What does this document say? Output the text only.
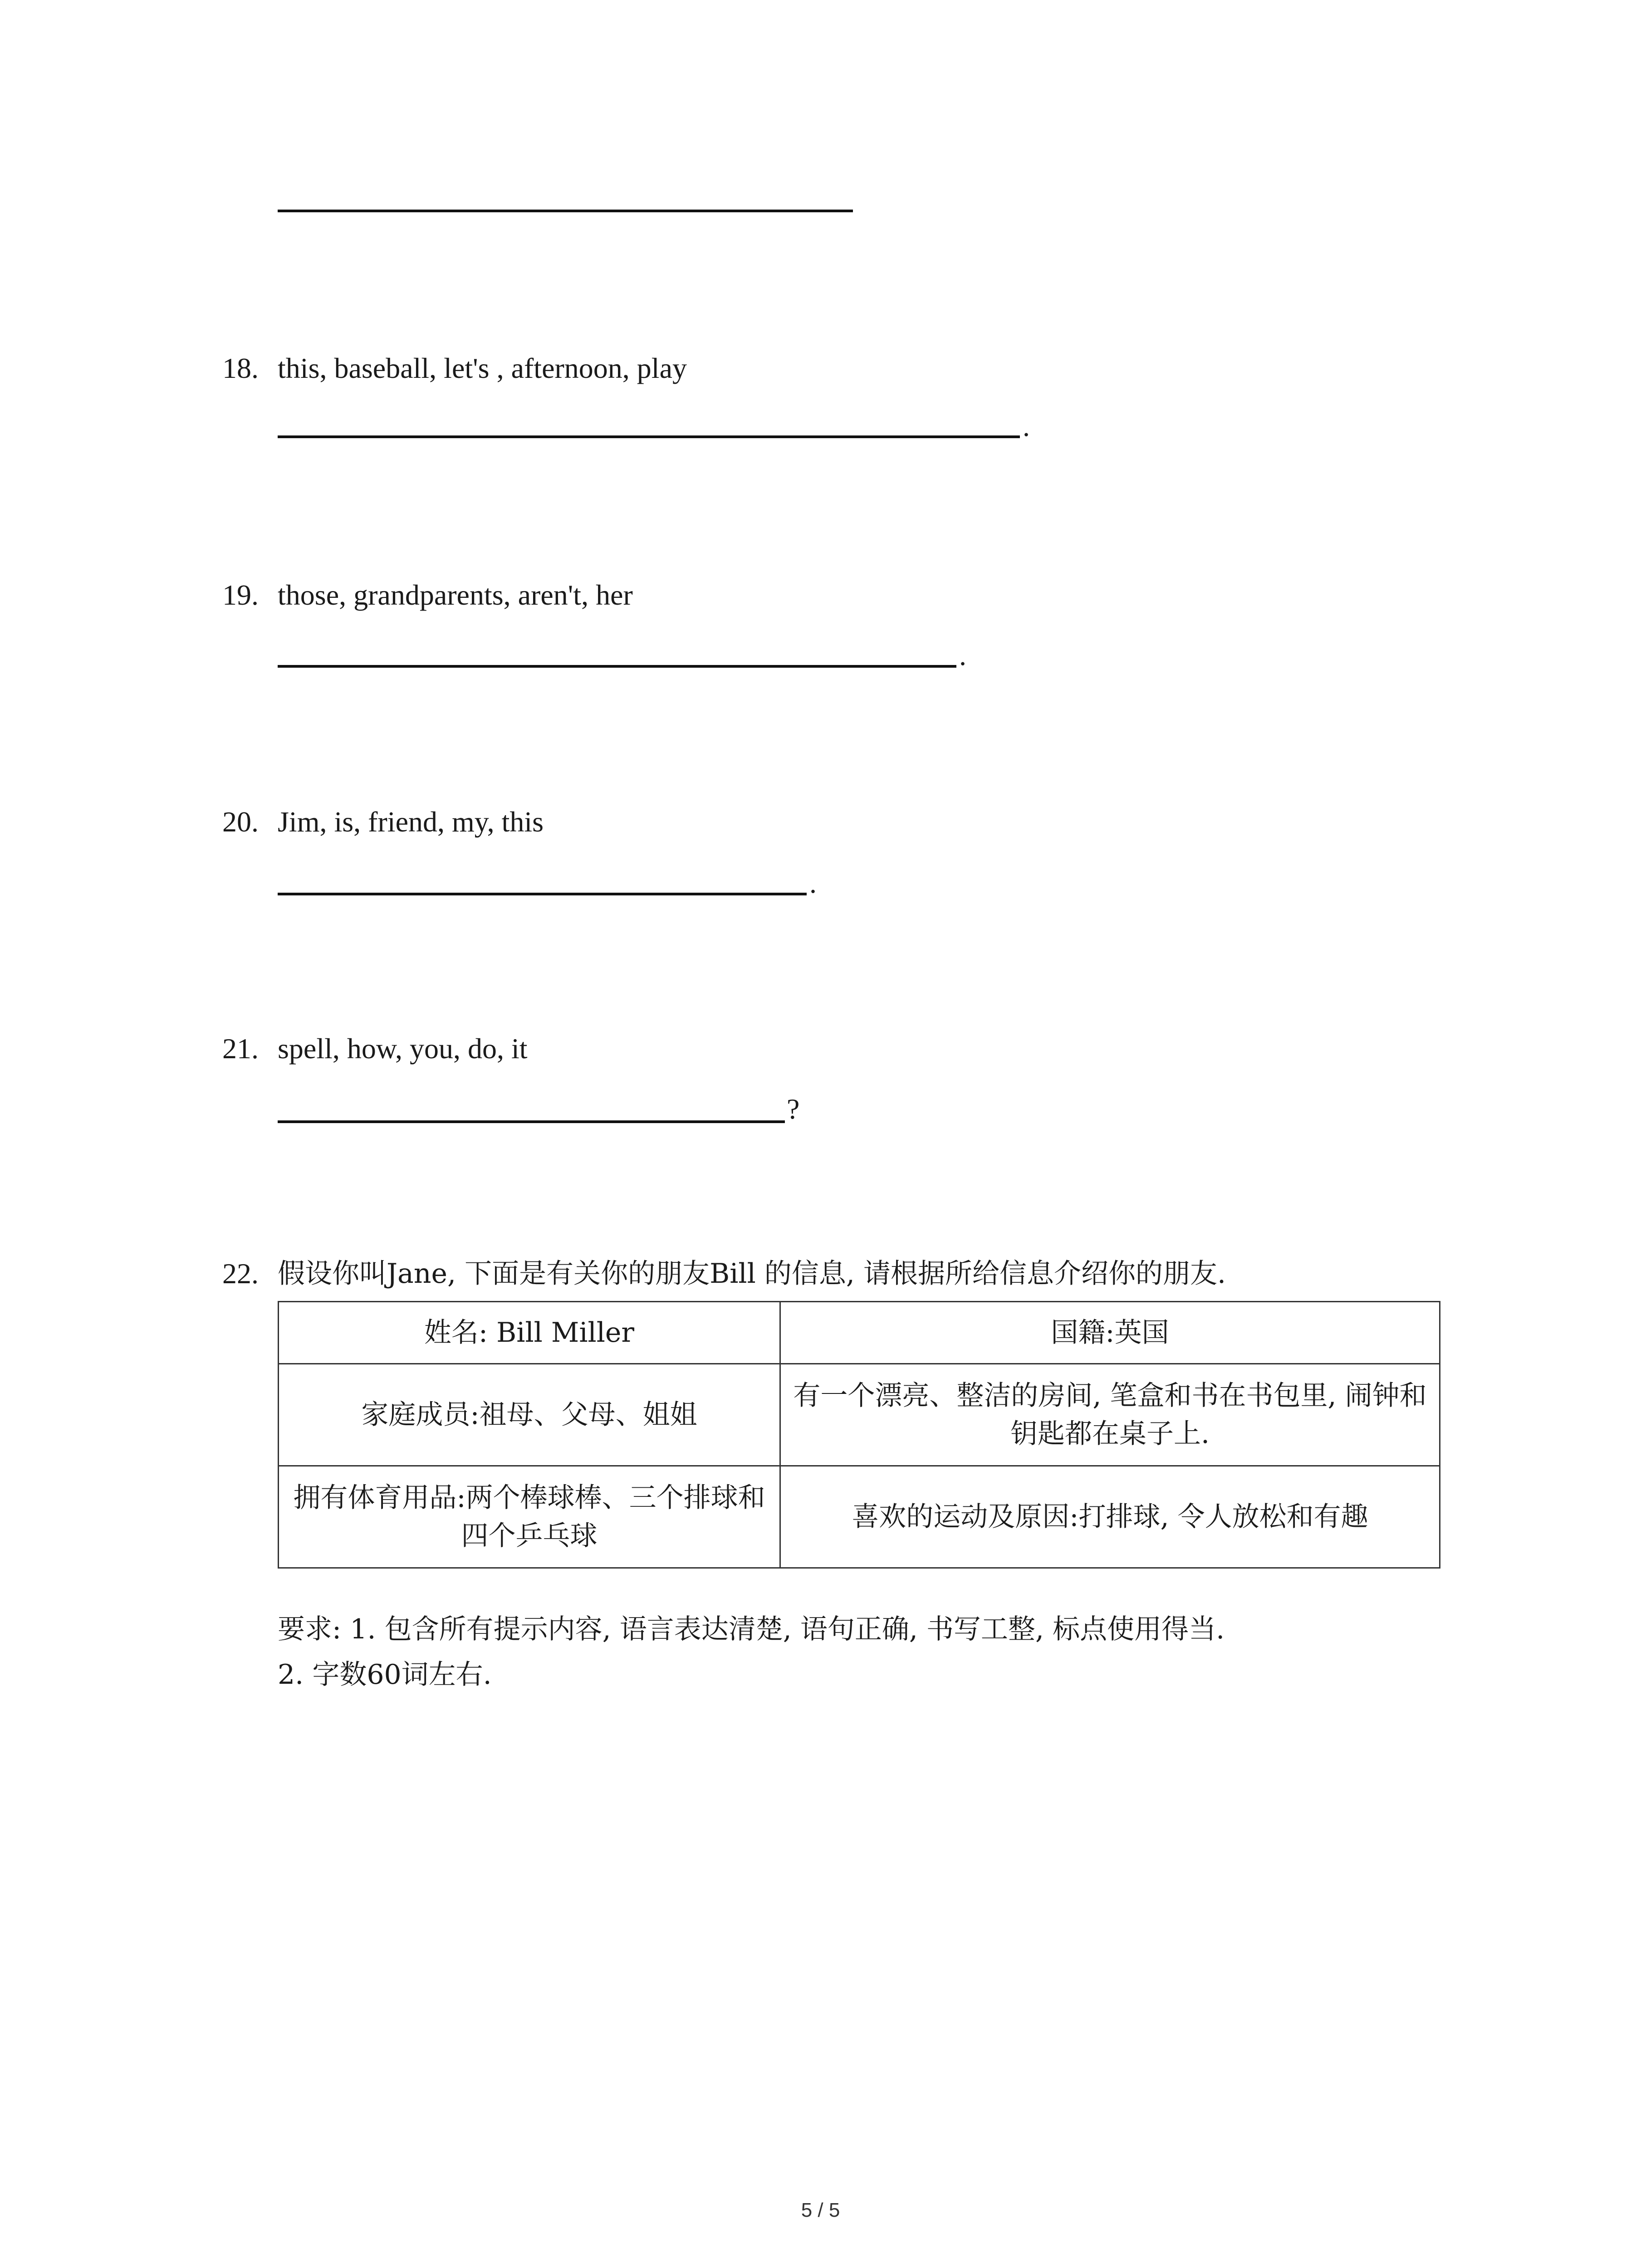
18. this, baseball, let's , afternoon, play
.
19. those, grandparents, aren't, her
.
20. Jim, is, friend, my, this
.
21. spell, how, you, do, it
?
22. 假设你叫Jane, 下面是有关你的朋友Bill 的信息, 请根据所给信息介绍你的朋友.
姓名: Bill Miller	国籍:英国
家庭成员:祖母、父母、姐姐	有一个漂亮、整洁的房间, 笔盒和书在书包里, 闹钟和钥匙都在桌子上.
拥有体育用品:两个棒球棒、三个排球和四个乒乓球	喜欢的运动及原因:打排球, 令人放松和有趣
要求: 1. 包含所有提示内容, 语言表达清楚, 语句正确, 书写工整, 标点使用得当.
2. 字数60词左右.
5 / 5
